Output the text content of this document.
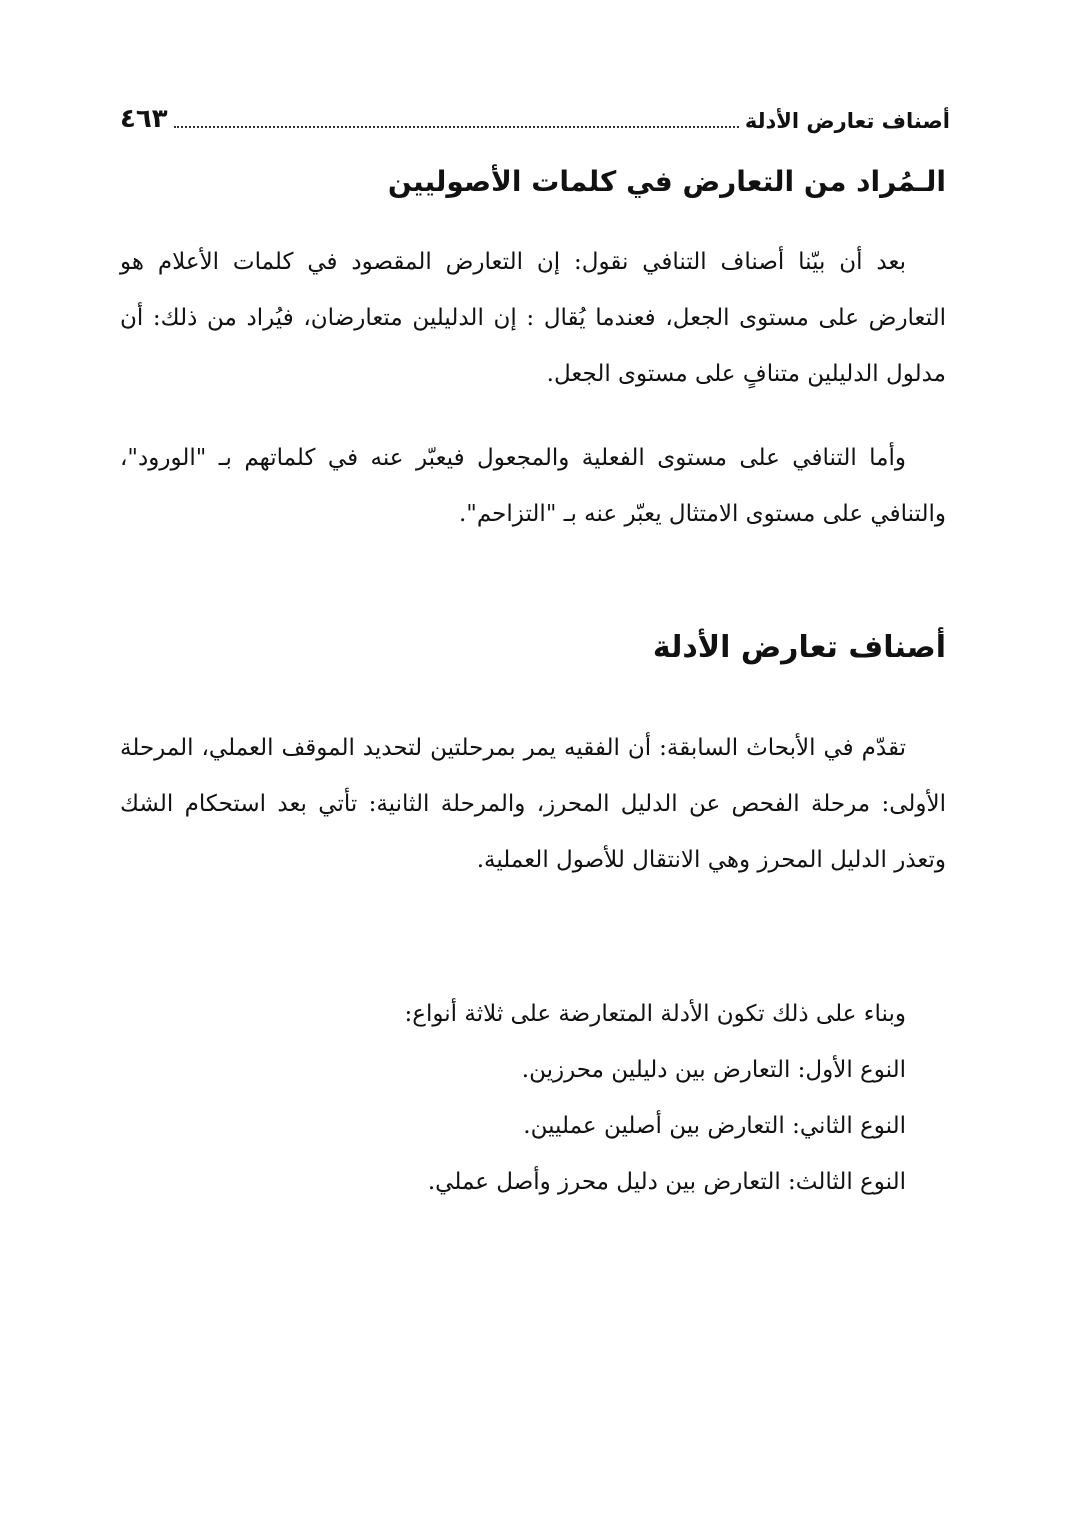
أصناف تعارض الأدلة
٤٦٣
الـمُراد من التعارض في كلمات الأصوليين
بعد أن بيّنا أصناف التنافي نقول: إن التعارض المقصود في كلمات الأعلام هو التعارض على مستوى الجعل، فعندما يُقال : إن الدليلين متعارضان، فيُراد من ذلك: أن مدلول الدليلين متنافٍ على مستوى الجعل.
وأما التنافي على مستوى الفعلية والمجعول فيعبّر عنه في كلماتهم بـ "الورود"، والتنافي على مستوى الامتثال يعبّر عنه بـ "التزاحم".
أصناف تعارض الأدلة
تقدّم في الأبحاث السابقة: أن الفقيه يمر بمرحلتين لتحديد الموقف العملي، المرحلة الأولى: مرحلة الفحص عن الدليل المحرز، والمرحلة الثانية: تأتي بعد استحكام الشك وتعذر الدليل المحرز وهي الانتقال للأصول العملية.
وبناء على ذلك تكون الأدلة المتعارضة على ثلاثة أنواع:
النوع الأول: التعارض بين دليلين محرزين.
النوع الثاني: التعارض بين أصلين عمليين.
النوع الثالث: التعارض بين دليل محرز وأصل عملي.
